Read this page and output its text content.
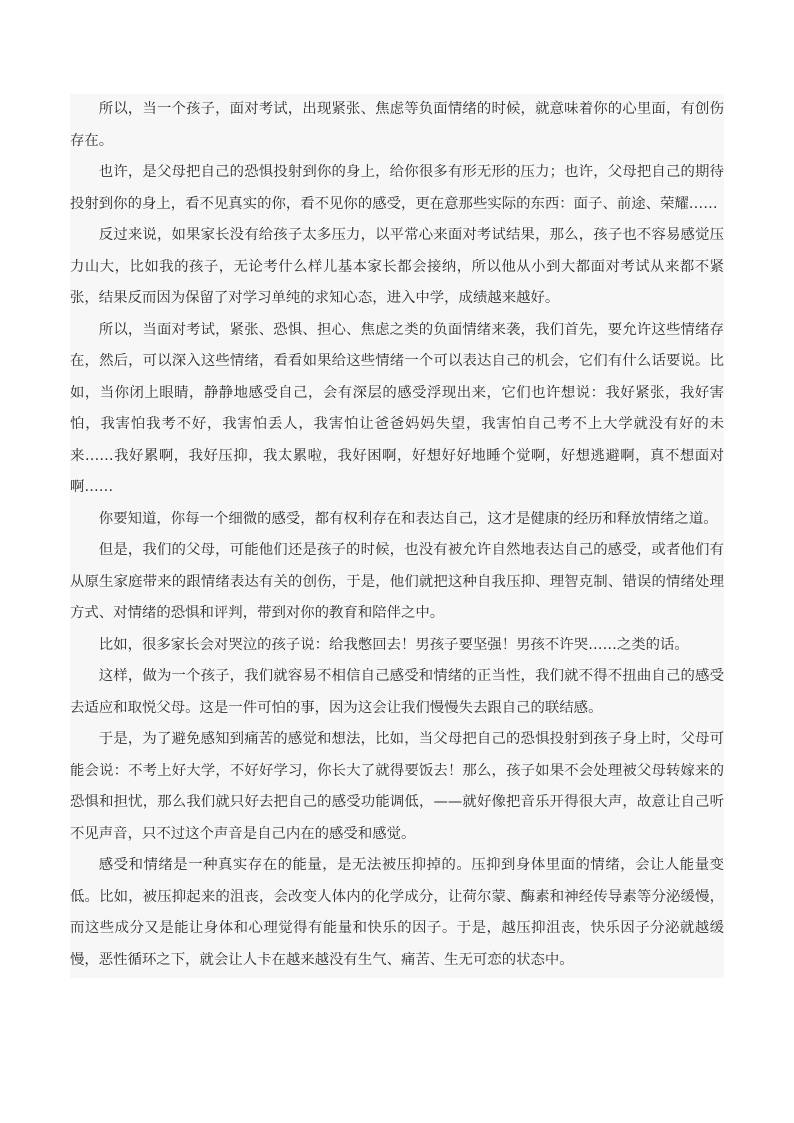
所以，当一个孩子，面对考试，出现紧张、焦虑等负面情绪的时候，就意味着你的心里面，有创伤存在。

也许，是父母把自己的恐惧投射到你的身上，给你很多有形无形的压力；也许，父母把自己的期待投射到你的身上，看不见真实的你，看不见你的感受，更在意那些实际的东西：面子、前途、荣耀……

反过来说，如果家长没有给孩子太多压力，以平常心来面对考试结果，那么，孩子也不容易感觉压力山大，比如我的孩子，无论考什么样儿基本家长都会接纳，所以他从小到大都面对考试从来都不紧张，结果反而因为保留了对学习单纯的求知心态，进入中学，成绩越来越好。

所以，当面对考试，紧张、恐惧、担心、焦虑之类的负面情绪来袭，我们首先，要允许这些情绪存在，然后，可以深入这些情绪，看看如果给这些情绪一个可以表达自己的机会，它们有什么话要说。比如，当你闭上眼睛，静静地感受自己，会有深层的感受浮现出来，它们也许想说：我好紧张，我好害怕，我害怕我考不好，我害怕丢人，我害怕让爸爸妈妈失望，我害怕自己考不上大学就没有好的未来……我好累啊，我好压抑，我太累啦，我好困啊，好想好好地睡个觉啊，好想逃避啊，真不想面对啊……

你要知道，你每一个细微的感受，都有权利存在和表达自己，这才是健康的经历和释放情绪之道。

但是，我们的父母，可能他们还是孩子的时候，也没有被允许自然地表达自己的感受，或者他们有从原生家庭带来的跟情绪表达有关的创伤，于是，他们就把这种自我压抑、理智克制、错误的情绪处理方式、对情绪的恐惧和评判，带到对你的教育和陪伴之中。

比如，很多家长会对哭泣的孩子说：给我憋回去！男孩子要坚强！男孩不许哭……之类的话。

这样，做为一个孩子，我们就容易不相信自己感受和情绪的正当性，我们就不得不扭曲自己的感受去适应和取悦父母。这是一件可怕的事，因为这会让我们慢慢失去跟自己的联结感。

于是，为了避免感知到痛苦的感觉和想法，比如，当父母把自己的恐惧投射到孩子身上时，父母可能会说：不考上好大学，不好好学习，你长大了就得要饭去！那么，孩子如果不会处理被父母转嫁来的恐惧和担忧，那么我们就只好去把自己的感受功能调低，——就好像把音乐开得很大声，故意让自己听不见声音，只不过这个声音是自己内在的感受和感觉。

感受和情绪是一种真实存在的能量，是无法被压抑掉的。压抑到身体里面的情绪，会让人能量变低。比如，被压抑起来的沮丧，会改变人体内的化学成分，让荷尔蒙、酶素和神经传导素等分泌缓慢，而这些成分又是能让身体和心理觉得有能量和快乐的因子。于是，越压抑沮丧，快乐因子分泌就越缓慢，恶性循环之下，就会让人卡在越来越没有生气、痛苦、生无可恋的状态中。
